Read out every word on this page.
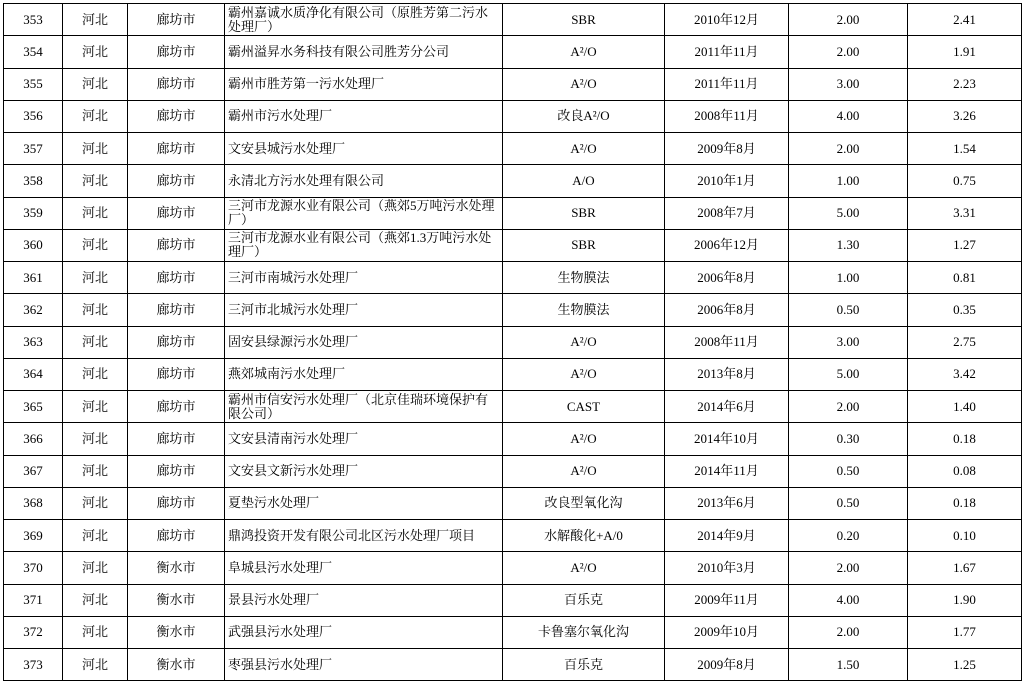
353	河北	廊坊市	霸州嘉诚水质净化有限公司（原胜芳第二污水处理厂）	SBR	2010年12月	2.00	2.41
354	河北	廊坊市	霸州溢昇水务科技有限公司胜芳分公司	A²/O	2011年11月	2.00	1.91
355	河北	廊坊市	霸州市胜芳第一污水处理厂	A²/O	2011年11月	3.00	2.23
356	河北	廊坊市	霸州市污水处理厂	改良A²/O	2008年11月	4.00	3.26
357	河北	廊坊市	文安县城污水处理厂	A²/O	2009年8月	2.00	1.54
358	河北	廊坊市	永清北方污水处理有限公司	A/O	2010年1月	1.00	0.75
359	河北	廊坊市	三河市龙源水业有限公司（燕郊5万吨污水处理厂）	SBR	2008年7月	5.00	3.31
360	河北	廊坊市	三河市龙源水业有限公司（燕郊1.3万吨污水处理厂）	SBR	2006年12月	1.30	1.27
361	河北	廊坊市	三河市南城污水处理厂	生物膜法	2006年8月	1.00	0.81
362	河北	廊坊市	三河市北城污水处理厂	生物膜法	2006年8月	0.50	0.35
363	河北	廊坊市	固安县绿源污水处理厂	A²/O	2008年11月	3.00	2.75
364	河北	廊坊市	燕郊城南污水处理厂	A²/O	2013年8月	5.00	3.42
365	河北	廊坊市	霸州市信安污水处理厂（北京佳瑞环境保护有限公司）	CAST	2014年6月	2.00	1.40
366	河北	廊坊市	文安县清南污水处理厂	A²/O	2014年10月	0.30	0.18
367	河北	廊坊市	文安县文新污水处理厂	A²/O	2014年11月	0.50	0.08
368	河北	廊坊市	夏垫污水处理厂	改良型氧化沟	2013年6月	0.50	0.18
369	河北	廊坊市	鼎鸿投资开发有限公司北区污水处理厂项目	水解酸化+A/0	2014年9月	0.20	0.10
370	河北	衡水市	阜城县污水处理厂	A²/O	2010年3月	2.00	1.67
371	河北	衡水市	景县污水处理厂	百乐克	2009年11月	4.00	1.90
372	河北	衡水市	武强县污水处理厂	卡鲁塞尔氧化沟	2009年10月	2.00	1.77
373	河北	衡水市	枣强县污水处理厂	百乐克	2009年8月	1.50	1.25
